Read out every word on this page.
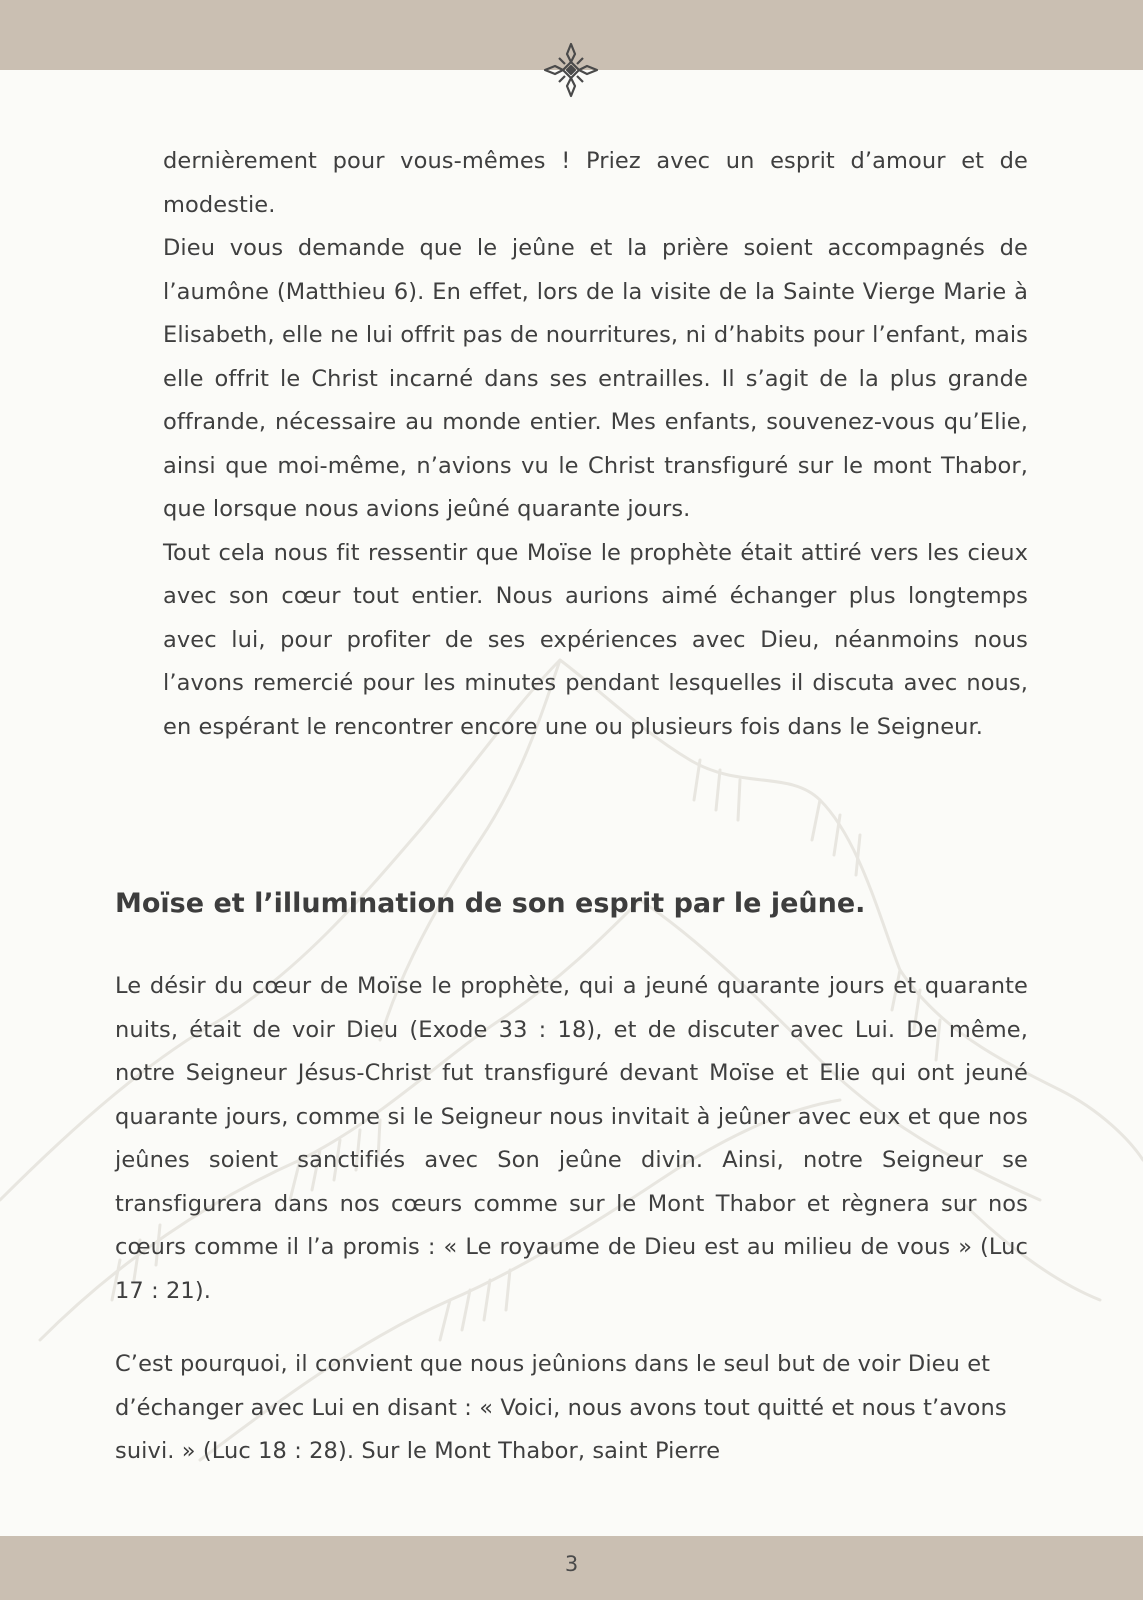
dernièrement pour vous-mêmes ! Priez avec un esprit d’amour et de modestie.

Dieu vous demande que le jeûne et la prière soient accompagnés de l’aumône (Matthieu 6). En effet, lors de la visite de la Sainte Vierge Marie à Elisabeth, elle ne lui offrit pas de nourritures, ni d’habits pour l’enfant, mais elle offrit le Christ incarné dans ses entrailles. Il s’agit de la plus grande offrande, nécessaire au monde entier. Mes enfants, souvenez-vous qu’Elie, ainsi que moi-même, n’avions vu le Christ transfiguré sur le mont Thabor, que lorsque nous avions jeûné quarante jours.

Tout cela nous fit ressentir que Moïse le prophète était attiré vers les cieux avec son cœur tout entier. Nous aurions aimé échanger plus longtemps avec lui, pour profiter de ses expériences avec Dieu, néanmoins nous l’avons remercié pour les minutes pendant lesquelles il discuta avec nous, en espérant le rencontrer encore une ou plusieurs fois dans le Seigneur.

Moïse et l’illumination de son esprit par le jeûne.

Le désir du cœur de Moïse le prophète, qui a jeuné quarante jours et quarante nuits, était de voir Dieu (Exode 33 : 18), et de discuter avec Lui. De même, notre Seigneur Jésus-Christ fut transfiguré devant Moïse et Elie qui ont jeuné quarante jours, comme si le Seigneur nous invitait à jeûner avec eux et que nos jeûnes soient sanctifiés avec Son jeûne divin. Ainsi, notre Seigneur se transfigurera dans nos cœurs comme sur le Mont Thabor et règnera sur nos cœurs comme il l’a promis : « Le royaume de Dieu est au milieu de vous » (Luc 17 : 21).

C’est pourquoi, il convient que nous jeûnions dans le seul but de voir Dieu et d’échanger avec Lui en disant : « Voici, nous avons tout quitté et nous t’avons suivi. » (Luc 18 : 28). Sur le Mont Thabor, saint Pierre

3
